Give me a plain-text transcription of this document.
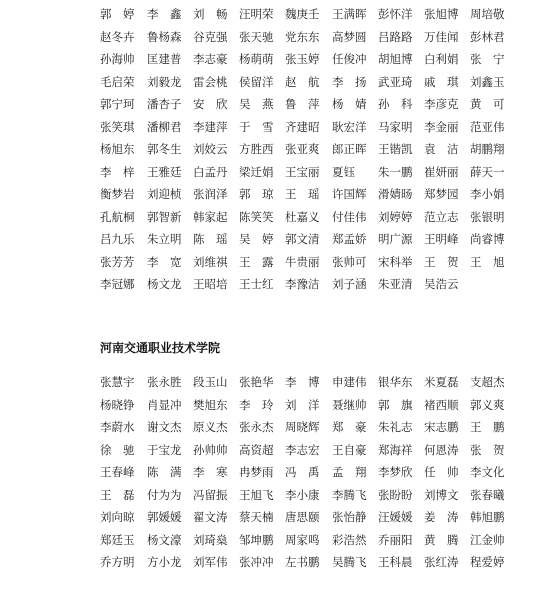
郭　婷	李　鑫	刘　畅	汪明荣	魏庚壬	王满晖	彭怀洋	张旭博	周培敬
赵冬卉	鲁杨森	谷克强	张天驰	党东东	高梦圆	吕路路	万佳闻	彭林君
孙海帅	匡建普	李志豪	杨萌萌	张玉婷	任俊冲	胡旭博	白利娟	张　宁
毛启荣	刘毅龙	雷会桃	侯留洋	赵　航	李　扬	武亚琦	戚　琪	刘鑫玉
郭宁珂	潘杏子	安　欣	吴　燕	鲁　萍	杨　婧	孙　科	李彦克	黄　可
张笑琪	潘柳君	李建萍	于　雪	齐建昭	耿宏洋	马家明	李金丽	范亚伟
杨旭东	郭冬生	刘姣云	方胜西	张亚爽	郎正晖	王锴凯	袁　洁	胡鹏翔
李　梓	王雅廷	白孟丹	梁迁娟	王宝丽	夏钰	朱一鹏	崔妍丽	薛天一
衡梦岩	刘迎桢	张润泽	郭　琼	王　瑶	许国辉	滑婧旸	郑梦园	李小娟
孔航桐	郭智新	韩家起	陈笑笑	杜嘉义	付佳伟	刘婷婷	范立志	张银明
吕九乐	朱立明	陈　瑶	吴　婷	郭文清	郑孟娇	明广源	王明峰	尚睿博
张芳芳	李　宽	刘维祺	王　露	牛贵丽	张帅可	宋科举	王　贺	王　旭
李冠娜	杨文龙	王昭培	王士红	李豫洁	刘子涵	朱亚清	吴浩云
河南交通职业技术学院
张慧宇	张永胜	段玉山	张艳华	李　博	申建伟	银华东	米夏磊	支超杰
杨晓铮	肖显冲	樊旭东	李　玲	刘　洋	聂继帅	郭　旗	褚西顺	郭义爽
李蔚水	谢文杰	原义杰	张永杰	周晓辉	郑　豪	朱礼志	宋志鹏	王　鹏
徐　驰	于宝龙	孙帅帅	高资超	李志宏	王自豪	郑海祥	何恩涛	张　贺
王春峰	陈　满	李　寒	冉梦雨	冯　禹	孟　翔	李梦欣	任　帅	李文化
王　磊	付为为	冯留振	王旭飞	李小康	李腾飞	张盼盼	刘博文	张春曦
刘向晾	郭媛媛	翟文涛	蔡天楠	唐思颐	张怡静	汪媛媛	姜　涛	韩旭鹏
郑廷玉	杨文濠	刘琦燊	邹坤鹏	周家鸣	彩浩然	乔丽阳	黄　腾	江金帅
乔方明	方小龙	刘军伟	张冲冲	左书鹏	吴腾飞	王科晨	张红涛	程爱婷
